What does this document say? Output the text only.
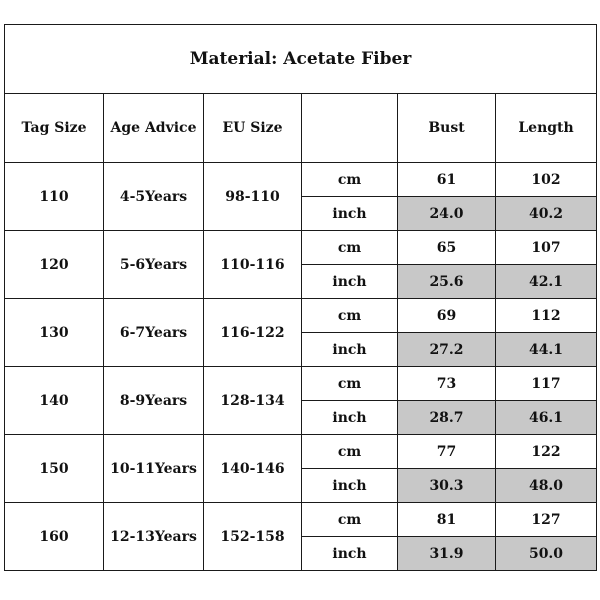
Material: Acetate Fiber					
Tag Size	Age Advice	EU Size		Bust	Length
110	4-5Years	98-110	cm	61	102
			inch	24.0	40.2
120	5-6Years	110-116	cm	65	107
			inch	25.6	42.1
130	6-7Years	116-122	cm	69	112
			inch	27.2	44.1
140	8-9Years	128-134	cm	73	117
			inch	28.7	46.1
150	10-11Years	140-146	cm	77	122
			inch	30.3	48.0
160	12-13Years	152-158	cm	81	127
			inch	31.9	50.0
